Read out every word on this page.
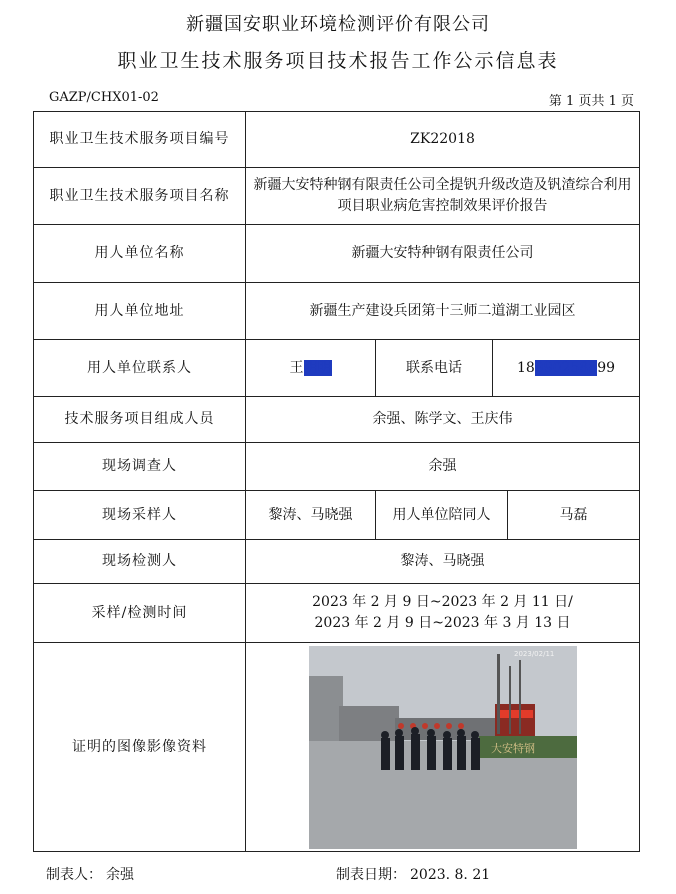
新疆国安职业环境检测评价有限公司
职业卫生技术服务项目技术报告工作公示信息表
GAZP/CHX01-02	第 1 页共 1 页
职业卫生技术服务项目编号	ZK22018			
职业卫生技术服务项目名称	新疆大安特种钢有限责任公司全提钒升级改造及钒渣综合利用项目职业病危害控制效果评价报告			
用人单位名称	新疆大安特种钢有限责任公司			
用人单位地址	新疆生产建设兵团第十三师二道湖工业园区			
用人单位联系人	王明明	联系电话	18990258899	
技术服务项目组成人员	余强、陈学文、王庆伟			
现场调查人	余强			
现场采样人	黎涛、马晓强	用人单位陪同人		马磊
现场检测人	黎涛、马晓强			
采样/检测时间	2023 年 2 月 9 日~2023 年 2 月 11 日/
2023 年 2 月 9 日~2023 年 3 月 13 日			

证明的图像影像资料	大安特钢
2023/02/11			
制表人： 余强	制表日期： 2023. 8. 21
